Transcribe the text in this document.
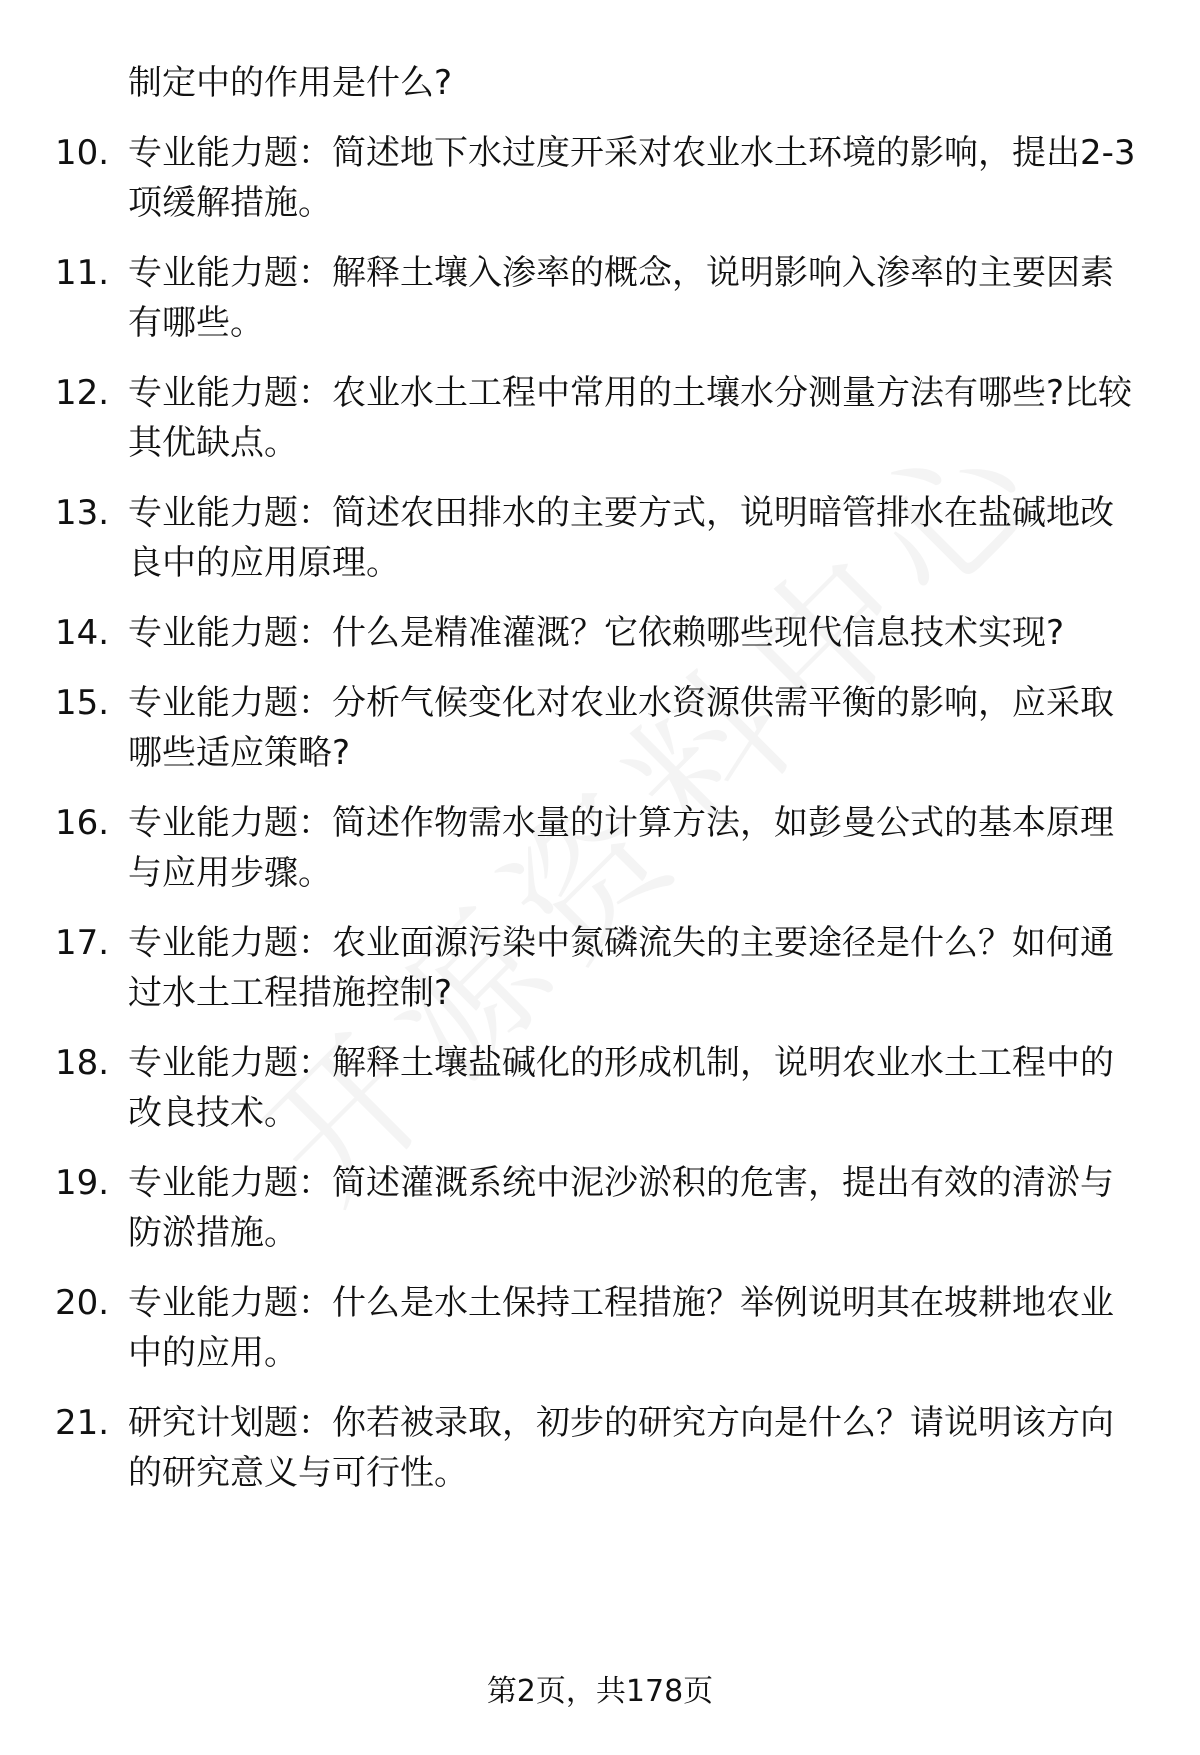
制定中的作用是什么?
10. 专业能力题：简述地下水过度开采对农业水土环境的影响，提出2-3项缓解措施。
11. 专业能力题：解释土壤入渗率的概念，说明影响入渗率的主要因素有哪些。
12. 专业能力题：农业水土工程中常用的土壤水分测量方法有哪些?比较其优缺点。
13. 专业能力题：简述农田排水的主要方式，说明暗管排水在盐碱地改良中的应用原理。
14. 专业能力题：什么是精准灌溉？它依赖哪些现代信息技术实现?
15. 专业能力题：分析气候变化对农业水资源供需平衡的影响，应采取哪些适应策略?
16. 专业能力题：简述作物需水量的计算方法，如彭曼公式的基本原理与应用步骤。
17. 专业能力题：农业面源污染中氮磷流失的主要途径是什么？如何通过水土工程措施控制?
18. 专业能力题：解释土壤盐碱化的形成机制，说明农业水土工程中的改良技术。
19. 专业能力题：简述灌溉系统中泥沙淤积的危害，提出有效的清淤与防淤措施。
20. 专业能力题：什么是水土保持工程措施？举例说明其在坡耕地农业中的应用。
21. 研究计划题：你若被录取，初步的研究方向是什么？请说明该方向的研究意义与可行性。
第2页，共178页
